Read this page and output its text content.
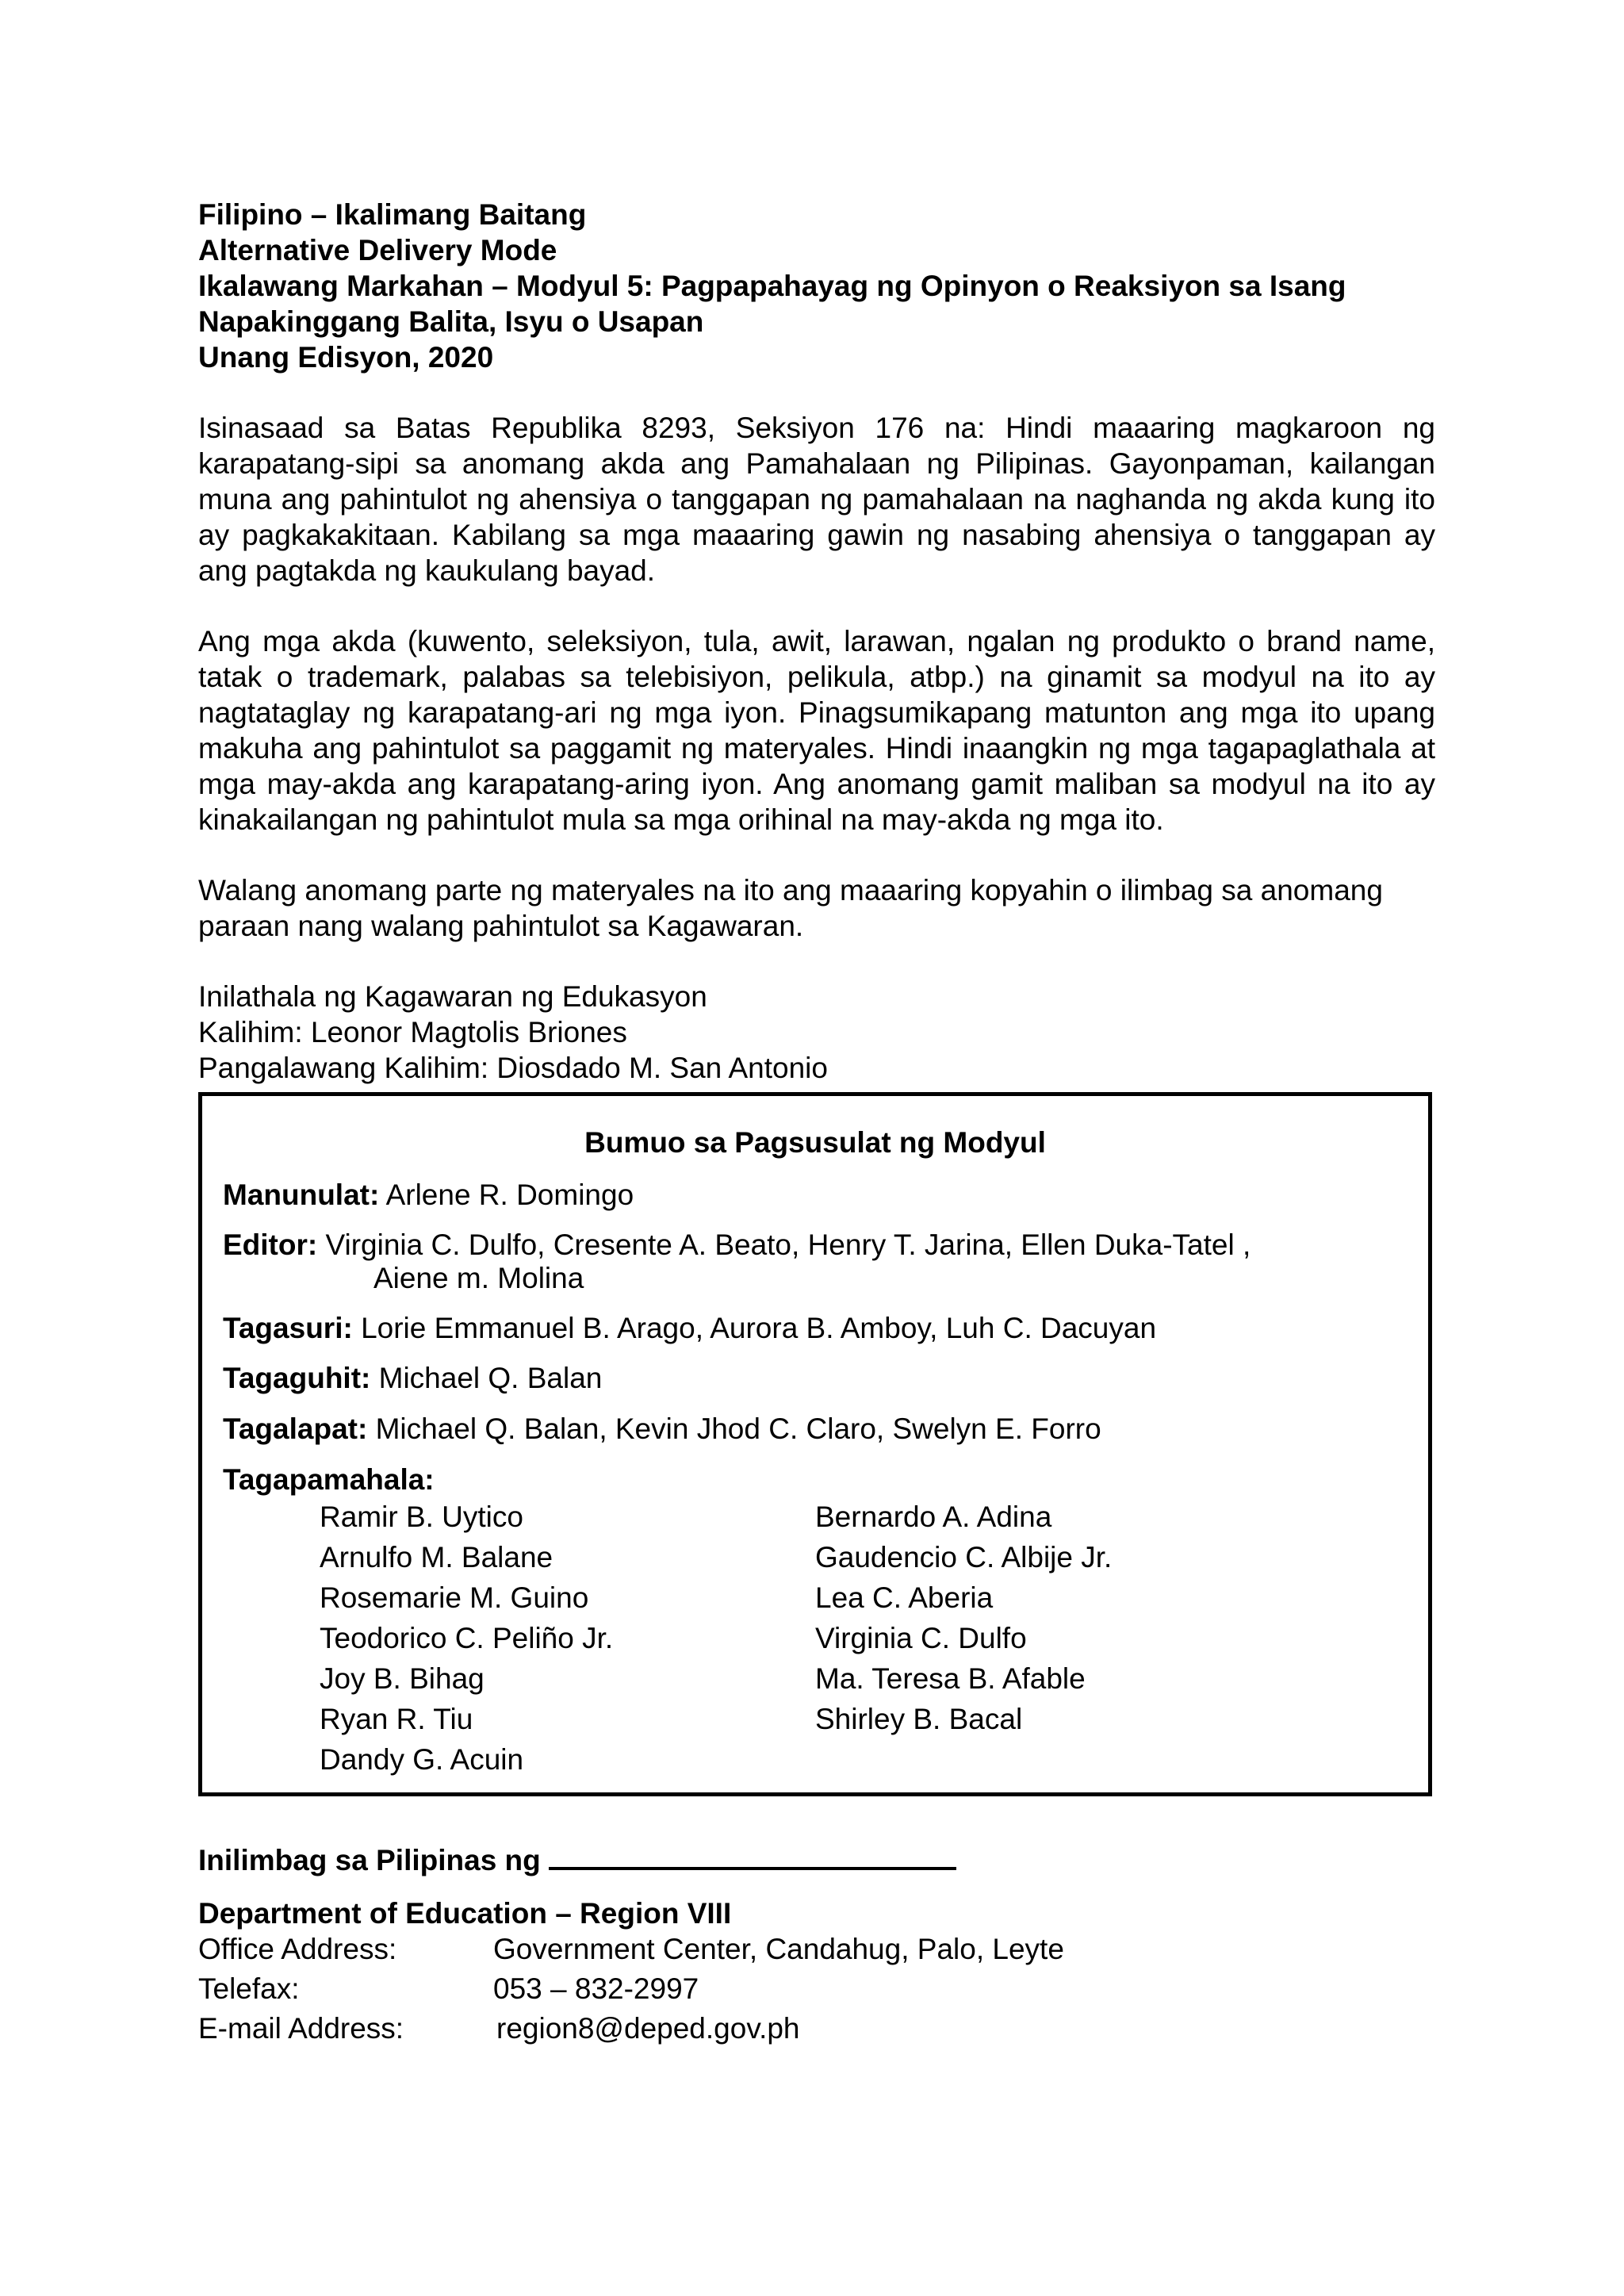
Filipino – Ikalimang Baitang
Alternative Delivery Mode
Ikalawang Markahan – Modyul 5: Pagpapahayag ng Opinyon o Reaksiyon sa Isang
Napakinggang Balita, Isyu o Usapan
Unang Edisyon, 2020
Isinasaad sa Batas Republika 8293, Seksiyon 176 na: Hindi maaaring magkaroon ng karapatang-sipi sa anomang akda ang Pamahalaan ng Pilipinas. Gayonpaman, kailangan muna ang pahintulot ng ahensiya o tanggapan ng pamahalaan na naghanda ng akda kung ito ay pagkakakitaan. Kabilang sa mga maaaring gawin ng nasabing ahensiya o tanggapan ay ang pagtakda ng kaukulang bayad.
Ang mga akda (kuwento, seleksiyon, tula, awit, larawan, ngalan ng produkto o brand name, tatak o trademark, palabas sa telebisiyon, pelikula, atbp.) na ginamit sa modyul na ito ay nagtataglay ng karapatang-ari ng mga iyon. Pinagsumikapang matunton ang mga ito upang makuha ang pahintulot sa paggamit ng materyales. Hindi inaangkin ng mga tagapaglathala at mga may-akda ang karapatang-aring iyon. Ang anomang gamit maliban sa modyul na ito ay kinakailangan ng pahintulot mula sa mga orihinal na may-akda ng mga ito.
Walang anomang parte ng materyales na ito ang maaaring kopyahin o ilimbag sa anomang paraan nang walang pahintulot sa Kagawaran.
Inilathala ng Kagawaran ng Edukasyon
Kalihim: Leonor Magtolis Briones
Pangalawang Kalihim: Diosdado M. San Antonio
Bumuo sa Pagsusulat ng Modyul
Manunulat: Arlene R. Domingo
Editor: Virginia C. Dulfo, Cresente A. Beato, Henry T. Jarina, Ellen Duka-Tatel ,
Aiene m. Molina
Tagasuri: Lorie Emmanuel B. Arago, Aurora B. Amboy, Luh C. Dacuyan
Tagaguhit: Michael Q. Balan
Tagalapat: Michael Q. Balan, Kevin Jhod C. Claro, Swelyn E. Forro
Tagapamahala:
Ramir B. Uytico
Arnulfo M. Balane
Rosemarie M. Guino
Teodorico C. Peliño Jr.
Joy B. Bihag
Ryan R. Tiu
Dandy G. Acuin
Bernardo A. Adina
Gaudencio C. Albije Jr.
Lea C. Aberia
Virginia C. Dulfo
Ma. Teresa B. Afable
Shirley B. Bacal
Inilimbag sa Pilipinas ng
Department of Education – Region VIII
Office Address:	Government Center, Candahug, Palo, Leyte
Telefax:	053 – 832-2997
E-mail Address:	region8@deped.gov.ph
